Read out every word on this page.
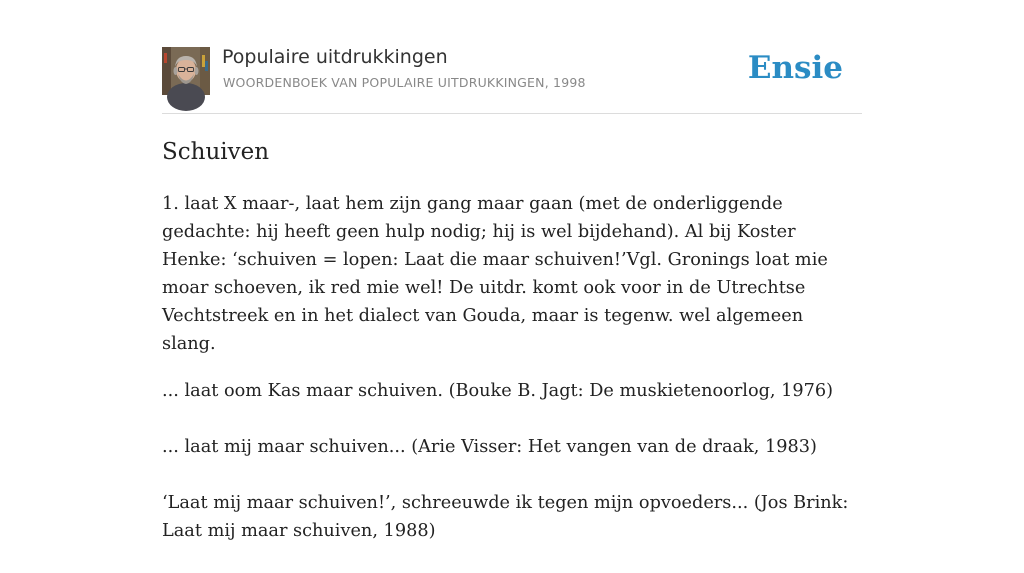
Populaire uitdrukkingen
WOORDENBOEK VAN POPULAIRE UITDRUKKINGEN, 1998	Ensie
Schuiven

1. laat X maar-, laat hem zijn gang maar gaan (met de onderliggende gedachte: hij heeft geen hulp nodig; hij is wel bijdehand). Al bij Koster Henke: ‘schuiven = lopen: Laat die maar schuiven!’Vgl. Gronings loat mie moar schoeven, ik red mie wel! De uitdr. komt ook voor in de Utrechtse Vechtstreek en in het dialect van Gouda, maar is tegenw. wel algemeen slang.

... laat oom Kas maar schuiven. (Bouke B. Jagt: De muskietenoorlog, 1976)

... laat mij maar schuiven... (Arie Visser: Het vangen van de draak, 1983)

‘Laat mij maar schuiven!’, schreeuwde ik tegen mijn opvoeders... (Jos Brink: Laat mij maar schuiven, 1988)
